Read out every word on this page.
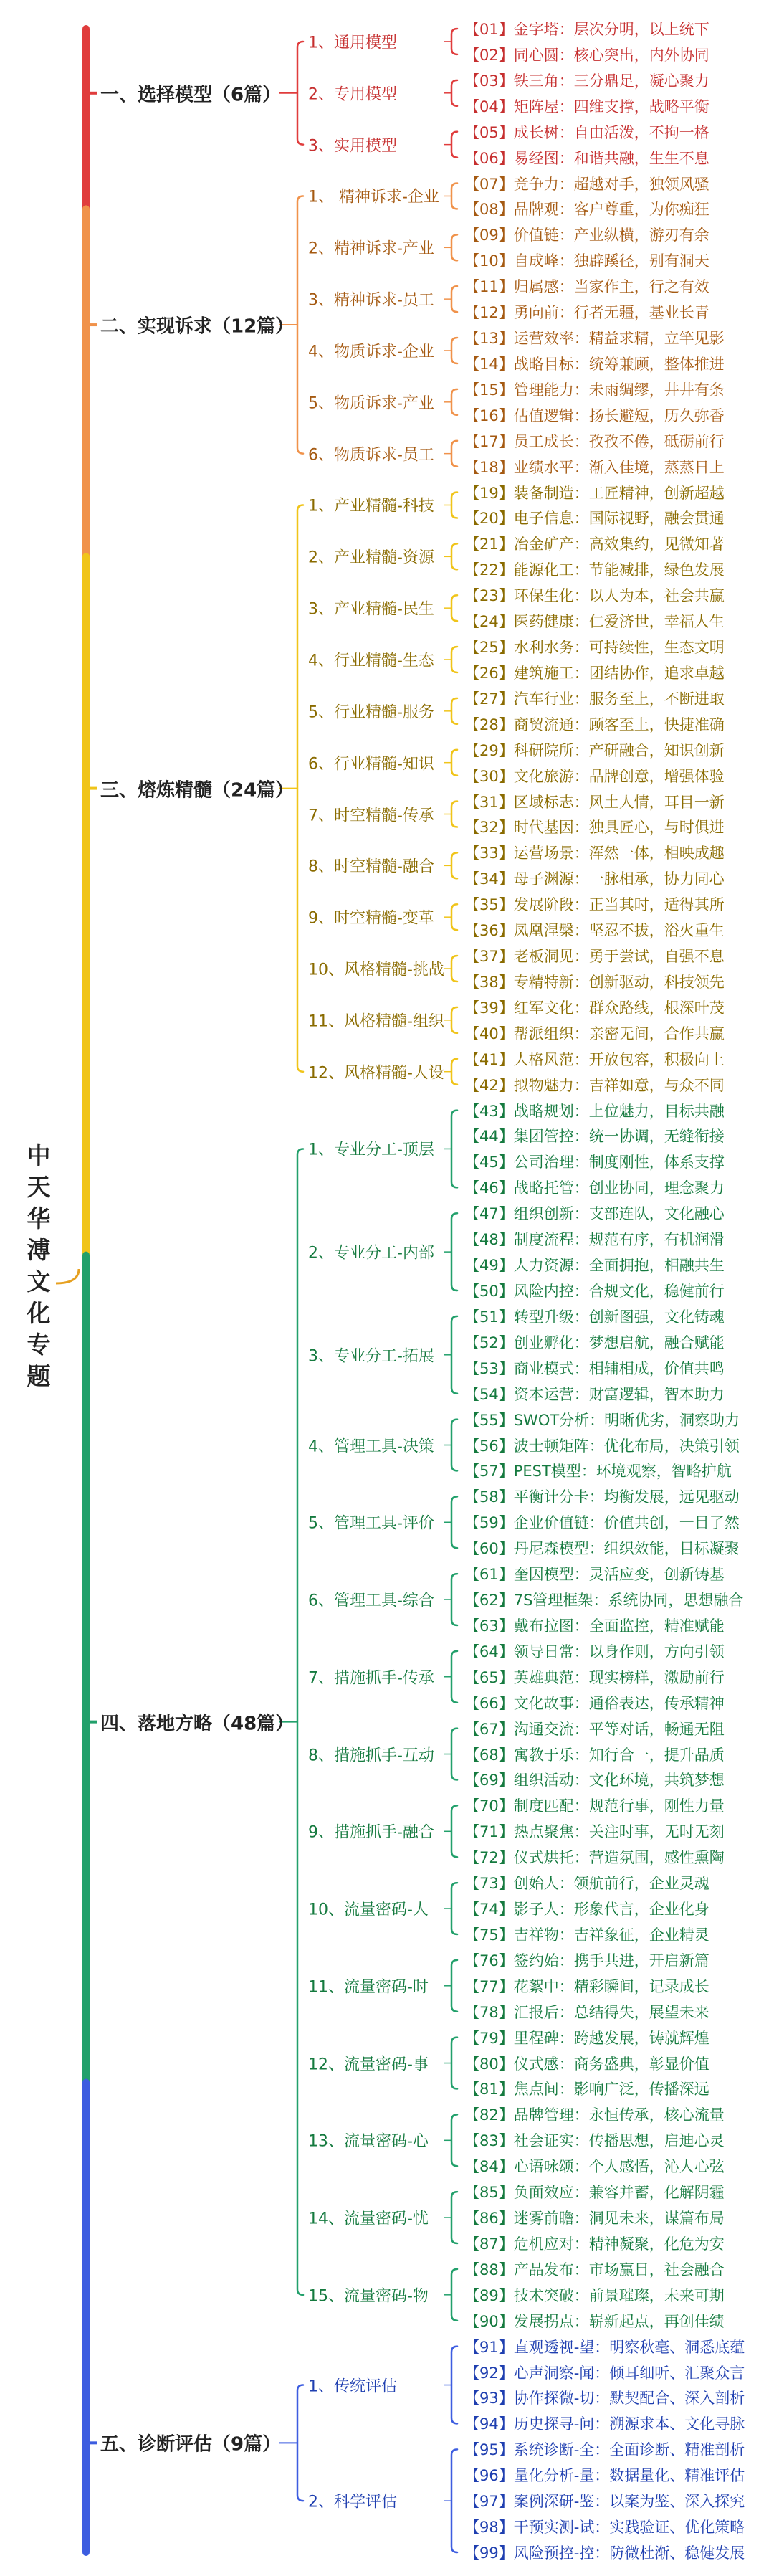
中天华溥文化专题
一、选择模型（6篇）
1、通用模型
【01】金字塔：层次分明，以上统下
【02】同心圆：核心突出，内外协同
2、专用模型
【03】铁三角：三分鼎足，凝心聚力
【04】矩阵屋：四维支撑，战略平衡
3、实用模型
【05】成长树：自由活泼，不拘一格
【06】易经图：和谐共融，生生不息
二、实现诉求（12篇）
1、 精神诉求-企业
【07】竞争力：超越对手，独领风骚
【08】品牌观：客户尊重，为你痴狂
2、精神诉求-产业
【09】价值链：产业纵横，游刃有余
【10】自成峰：独辟蹊径，别有洞天
3、精神诉求-员工
【11】归属感：当家作主，行之有效
【12】勇向前：行者无疆，基业长青
4、物质诉求-企业
【13】运营效率：精益求精，立竿见影
【14】战略目标：统筹兼顾，整体推进
5、物质诉求-产业
【15】管理能力：未雨绸缪，井井有条
【16】估值逻辑：扬长避短，历久弥香
6、物质诉求-员工
【17】员工成长：孜孜不倦，砥砺前行
【18】业绩水平：渐入佳境，蒸蒸日上
三、熔炼精髓（24篇）
1、产业精髓-科技
【19】装备制造：工匠精神，创新超越
【20】电子信息：国际视野，融会贯通
2、产业精髓-资源
【21】冶金矿产：高效集约，见微知著
【22】能源化工：节能减排，绿色发展
3、产业精髓-民生
【23】环保生化：以人为本，社会共赢
【24】医药健康：仁爱济世，幸福人生
4、行业精髓-生态
【25】水利水务：可持续性，生态文明
【26】建筑施工：团结协作，追求卓越
5、行业精髓-服务
【27】汽车行业：服务至上，不断进取
【28】商贸流通：顾客至上，快捷准确
6、行业精髓-知识
【29】科研院所：产研融合，知识创新
【30】文化旅游：品牌创意，增强体验
7、时空精髓-传承
【31】区域标志：风土人情，耳目一新
【32】时代基因：独具匠心，与时俱进
8、时空精髓-融合
【33】运营场景：浑然一体，相映成趣
【34】母子渊源：一脉相承，协力同心
9、时空精髓-变革
【35】发展阶段：正当其时，适得其所
【36】凤凰涅槃：坚忍不拔，浴火重生
10、风格精髓-挑战
【37】老板洞见：勇于尝试，自强不息
【38】专精特新：创新驱动，科技领先
11、风格精髓-组织
【39】红军文化：群众路线，根深叶茂
【40】帮派组织：亲密无间，合作共赢
12、风格精髓-人设
【41】人格风范：开放包容，积极向上
【42】拟物魅力：吉祥如意，与众不同
四、落地方略（48篇）
1、专业分工-顶层
【43】战略规划：上位魅力，目标共融
【44】集团管控：统一协调，无缝衔接
【45】公司治理：制度刚性，体系支撑
【46】战略托管：创业协同，理念聚力
2、专业分工-内部
【47】组织创新：支部连队，文化融心
【48】制度流程：规范有序，有机润滑
【49】人力资源：全面拥抱，相融共生
【50】风险内控：合规文化，稳健前行
3、专业分工-拓展
【51】转型升级：创新图强，文化铸魂
【52】创业孵化：梦想启航，融合赋能
【53】商业模式：相辅相成，价值共鸣
【54】资本运营：财富逻辑，智本助力
4、管理工具-决策
【55】SWOT分析：明晰优劣，洞察助力
【56】波士顿矩阵：优化布局，决策引领
【57】PEST模型：环境观察，智略护航
5、管理工具-评价
【58】平衡计分卡：均衡发展，远见驱动
【59】企业价值链：价值共创，一目了然
【60】丹尼森模型：组织效能，目标凝聚
6、管理工具-综合
【61】奎因模型：灵活应变，创新铸基
【62】7S管理框架：系统协同，思想融合
【63】戴布拉图：全面监控，精准赋能
7、措施抓手-传承
【64】领导日常：以身作则，方向引领
【65】英雄典范：现实榜样，激励前行
【66】文化故事：通俗表达，传承精神
8、措施抓手-互动
【67】沟通交流：平等对话，畅通无阻
【68】寓教于乐：知行合一，提升品质
【69】组织活动：文化环境，共筑梦想
9、措施抓手-融合
【70】制度匹配：规范行事，刚性力量
【71】热点聚焦：关注时事，无时无刻
【72】仪式烘托：营造氛围，感性熏陶
10、流量密码-人
【73】创始人：领航前行，企业灵魂
【74】影子人：形象代言，企业化身
【75】吉祥物：吉祥象征，企业精灵
11、流量密码-时
【76】签约始：携手共进，开启新篇
【77】花絮中：精彩瞬间，记录成长
【78】汇报后：总结得失，展望未来
12、流量密码-事
【79】里程碑：跨越发展，铸就辉煌
【80】仪式感：商务盛典，彰显价值
【81】焦点间：影响广泛，传播深远
13、流量密码-心
【82】品牌管理：永恒传承，核心流量
【83】社会证实：传播思想，启迪心灵
【84】心语咏颂：个人感悟，沁人心弦
14、流量密码-忧
【85】负面效应：兼容并蓄，化解阴霾
【86】迷雾前瞻：洞见未来，谋篇布局
【87】危机应对：精神凝聚，化危为安
15、流量密码-物
【88】产品发布：市场赢目，社会融合
【89】技术突破：前景璀璨，未来可期
【90】发展拐点：崭新起点，再创佳绩
五、诊断评估（9篇）
1、传统评估
【91】直观透视-望：明察秋毫、洞悉底蕴
【92】心声洞察-闻：倾耳细听、汇聚众言
【93】协作探微-切：默契配合、深入剖析
【94】历史探寻-问：溯源求本、文化寻脉
2、科学评估
【95】系统诊断-全：全面诊断、精准剖析
【96】量化分析-量：数据量化、精准评估
【97】案例深研-鉴：以案为鉴、深入探究
【98】干预实测-试：实践验证、优化策略
【99】风险预控-控：防微杜渐、稳健发展
